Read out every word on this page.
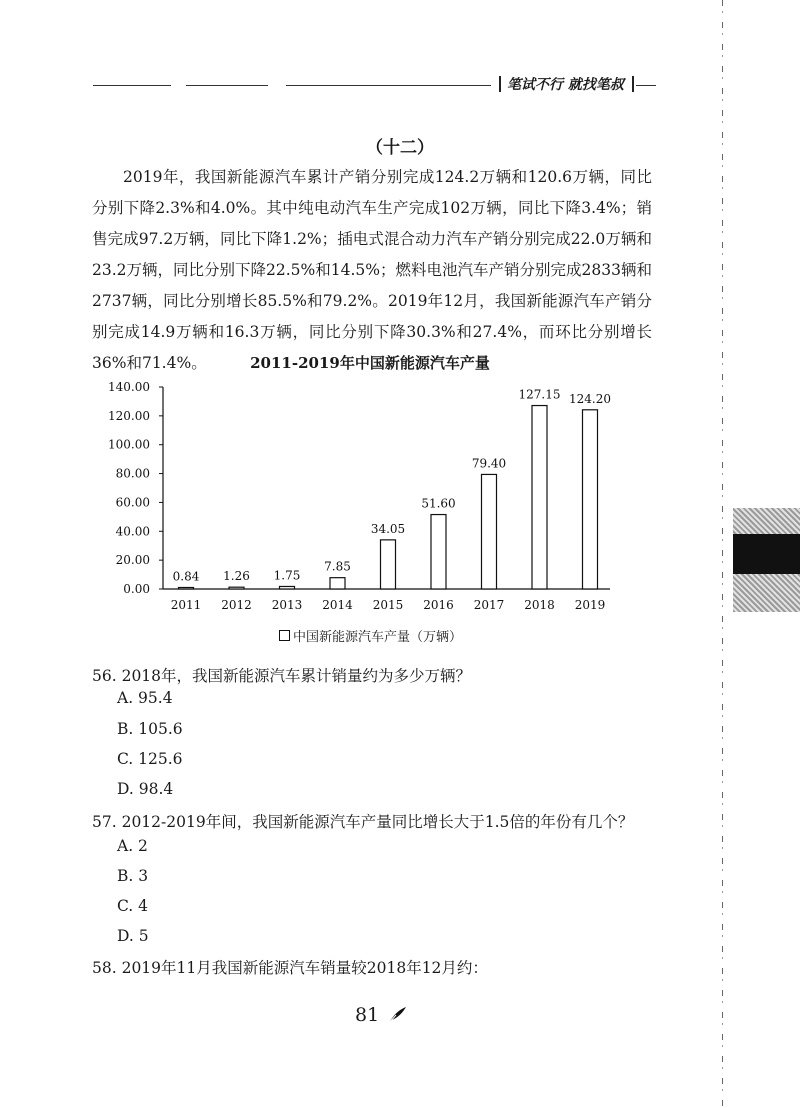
笔试不行 就找笔叔
（十二）

2019年，我国新能源汽车累计产销分别完成124.2万辆和120.6万辆，同比分别下降2.3%和4.0%。其中纯电动汽车生产完成102万辆，同比下降3.4%；销售完成97.2万辆，同比下降1.2%；插电式混合动力汽车产销分别完成22.0万辆和23.2万辆，同比分别下降22.5%和14.5%；燃料电池汽车产销分别完成2833辆和2737辆，同比分别增长85.5%和79.2%。2019年12月，我国新能源汽车产销分别完成14.9万辆和16.3万辆，同比分别下降30.3%和27.4%，而环比分别增长36%和71.4%。	2011-2019年中国新能源汽车产量
0.00
20.00
40.00
60.00
80.00
100.00
120.00
140.00
0.84
2011
1.26
2012
1.75
2013
7.85
2014
34.05
2015
51.60
2016
79.40
2017
127.15
2018
124.20
2019
中国新能源汽车产量（万辆）

56. 2018年，我国新能源汽车累计销量约为多少万辆？

A. 95.4

B. 105.6

C. 125.6

D. 98.4

57. 2012-2019年间，我国新能源汽车产量同比增长大于1.5倍的年份有几个？

A. 2

B. 3

C. 4

D. 5

58. 2019年11月我国新能源汽车销量较2018年12月约：

81
